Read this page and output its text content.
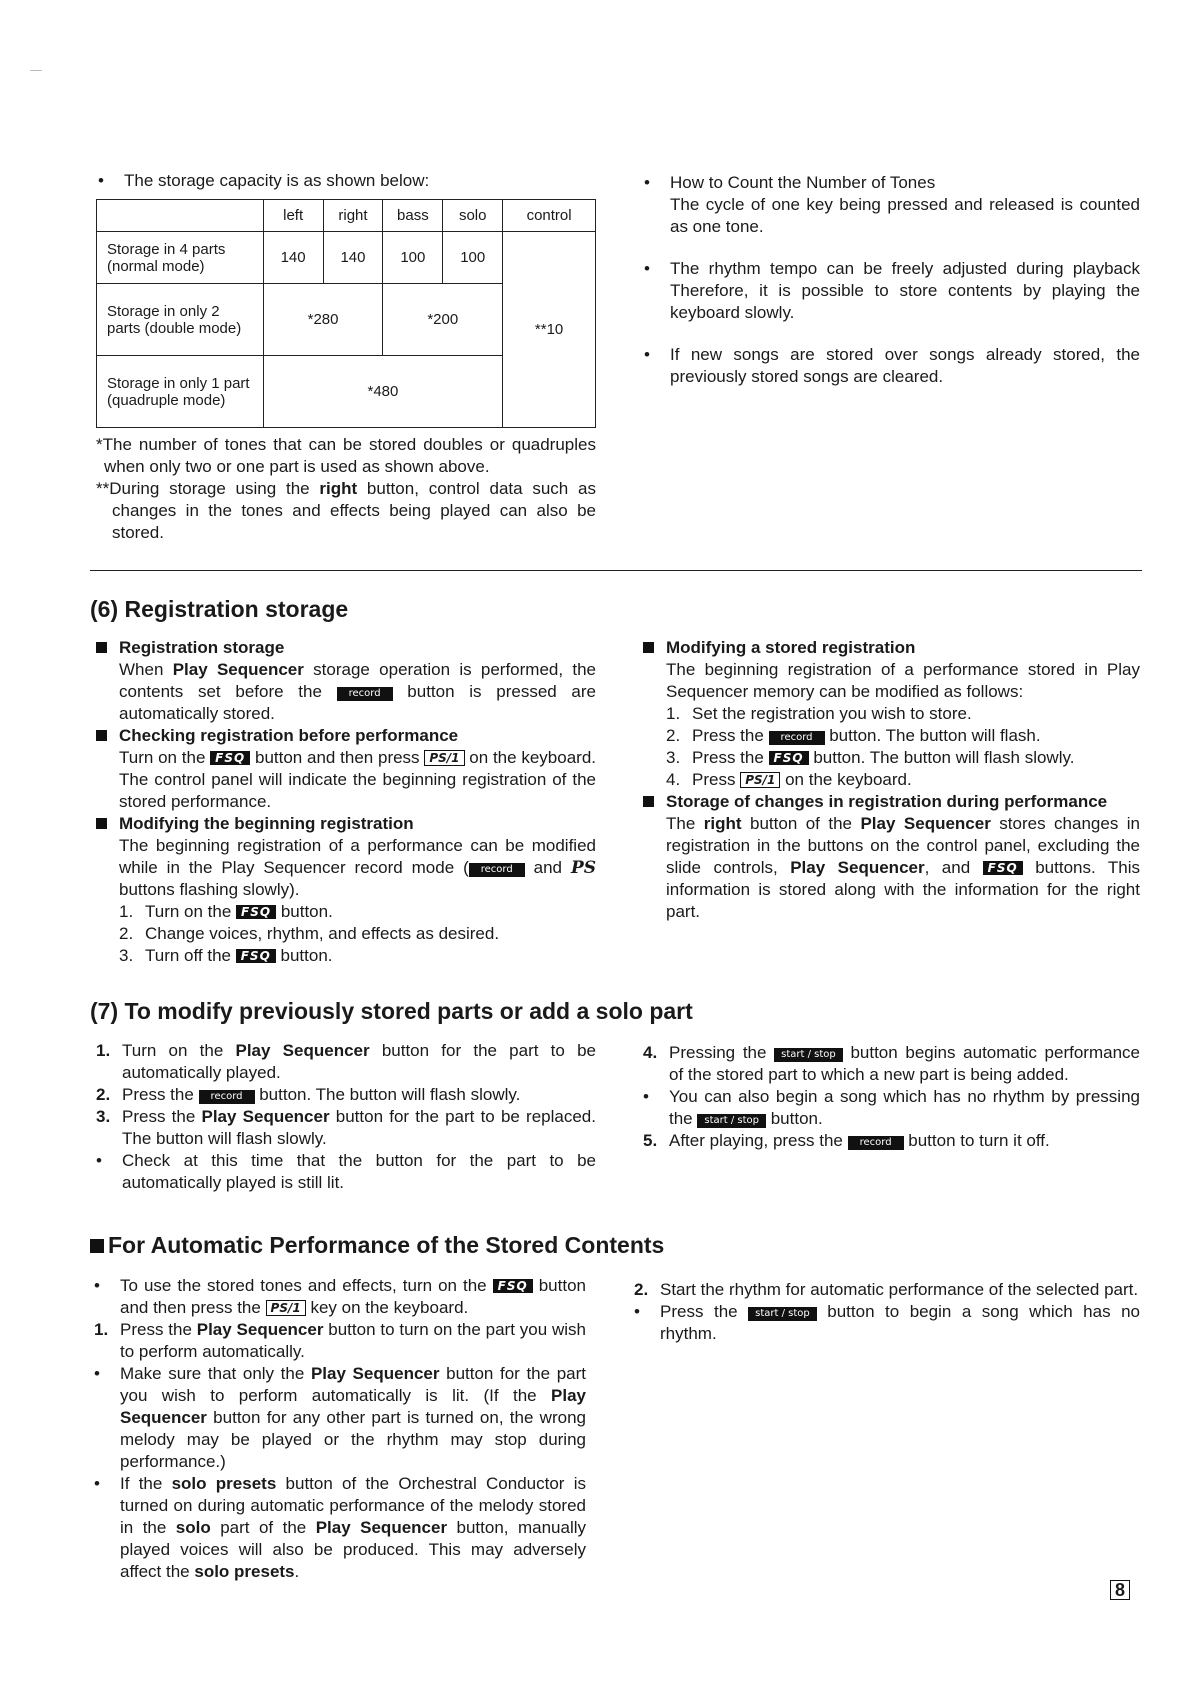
• The storage capacity is as shown below:
	left	right	bass	solo	control
Storage in 4 parts (normal mode)	140	140	100	100	**10
Storage in only 2 parts (double mode)	*280		*200		
Storage in only 1 part (quadruple mode)	*480				
*The number of tones that can be stored doubles or quadruples when only two or one part is used as shown above.
**During storage using the right button, control data such as changes in the tones and effects being played can also be stored.
• How to Count the Number of Tones
The cycle of one key being pressed and released is counted as one tone.
• The rhythm tempo can be freely adjusted during playback Therefore, it is possible to store contents by playing the keyboard slowly.
• If new songs are stored over songs already stored, the previously stored songs are cleared.
(6) Registration storage
Registration storage
When Play Sequencer storage operation is performed, the contents set before the record button is pressed are automatically stored.
Checking registration before performance
Turn on the FSQ button and then press PS/1 on the keyboard. The control panel will indicate the beginning registration of the stored performance.
Modifying the beginning registration
The beginning registration of a performance can be modified while in the Play Sequencer record mode ( record and PS buttons flashing slowly).
1. Turn on the FSQ button.
2. Change voices, rhythm, and effects as desired.
3. Turn off the FSQ button.
Modifying a stored registration
The beginning registration of a performance stored in Play Sequencer memory can be modified as follows:
1. Set the registration you wish to store.
2. Press the record button. The button will flash.
3. Press the FSQ button. The button will flash slowly.
4. Press PS/1 on the keyboard.
Storage of changes in registration during performance
The right button of the Play Sequencer stores changes in registration in the buttons on the control panel, excluding the slide controls, Play Sequencer, and FSQ buttons. This information is stored along with the information for the right part.
(7) To modify previously stored parts or add a solo part
1. Turn on the Play Sequencer button for the part to be automatically played.
2. Press the record button. The button will flash slowly.
3. Press the Play Sequencer button for the part to be replaced. The button will flash slowly.
• Check at this time that the button for the part to be automatically played is still lit.
4. Pressing the start / stop button begins automatic performance of the stored part to which a new part is being added.
• You can also begin a song which has no rhythm by pressing the start / stop button.
5. After playing, press the record button to turn it off.
For Automatic Performance of the Stored Contents
• To use the stored tones and effects, turn on the FSQ button and then press the PS/1 key on the keyboard.
1. Press the Play Sequencer button to turn on the part you wish to perform automatically.
• Make sure that only the Play Sequencer button for the part you wish to perform automatically is lit. (If the Play Sequencer button for any other part is turned on, the wrong melody may be played or the rhythm may stop during performance.)
• If the solo presets button of the Orchestral Conductor is turned on during automatic performance of the melody stored in the solo part of the Play Sequencer button, manually played voices will also be produced. This may adversely affect the solo presets.
2. Start the rhythm for automatic performance of the selected part.
• Press the start / stop button to begin a song which has no rhythm.
8
